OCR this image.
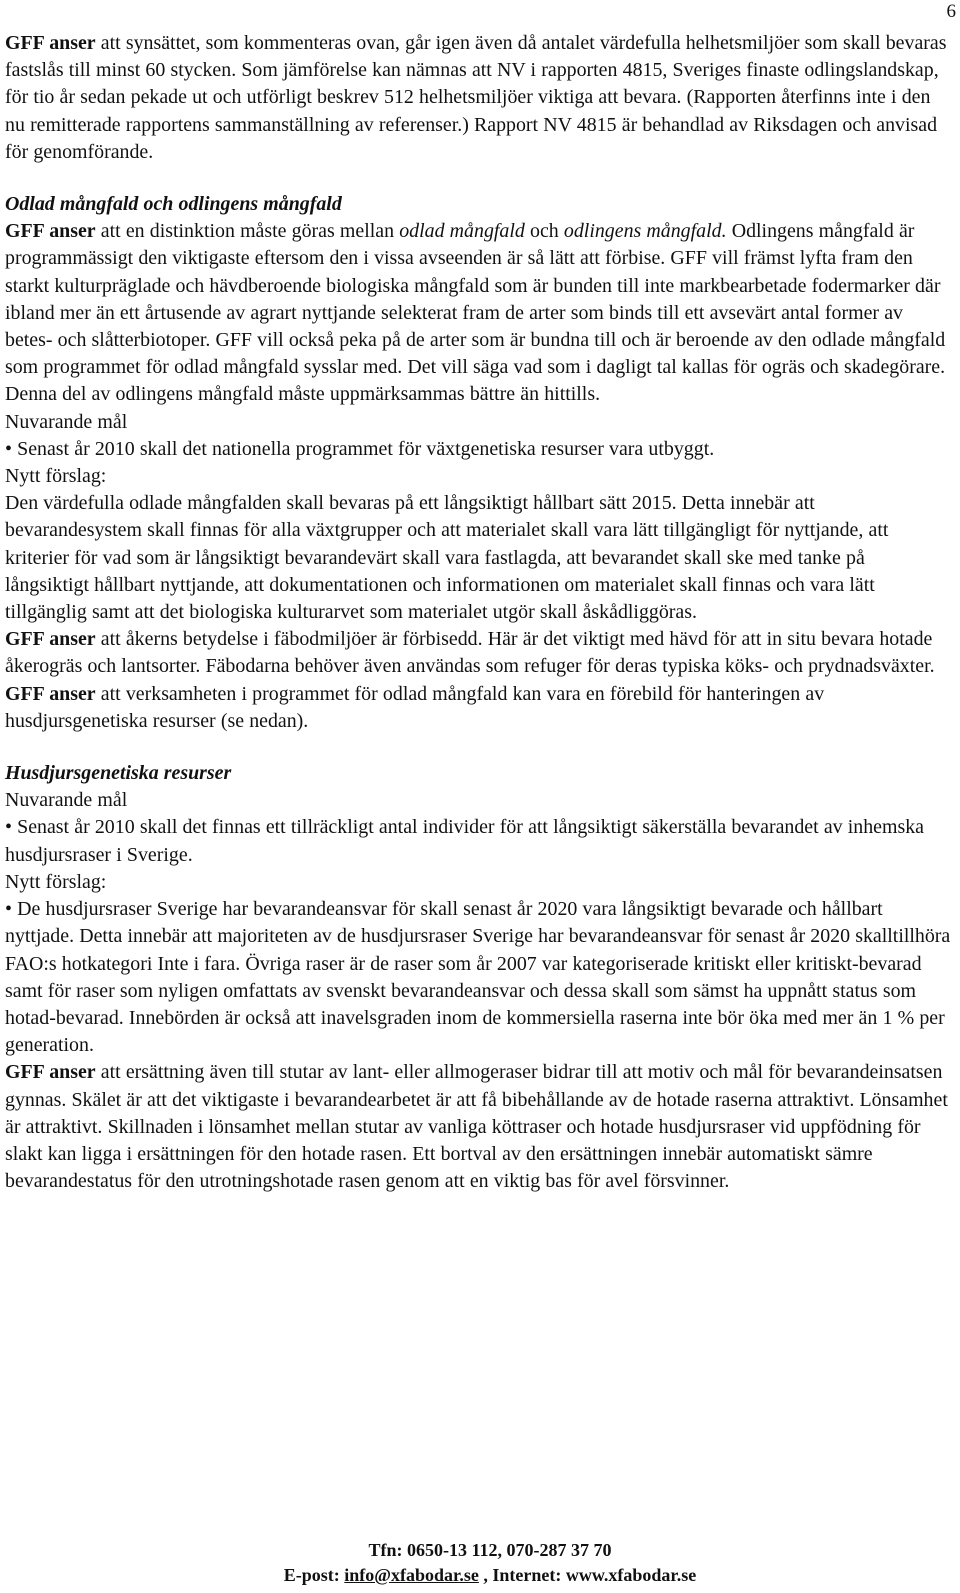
6

GFF anser att synsättet, som kommenteras ovan, går igen även då antalet värdefulla helhetsmiljöer som skall bevaras fastslås till minst 60 stycken. Som jämförelse kan nämnas att NV i rapporten 4815, Sveriges finaste odlingslandskap, för tio år sedan pekade ut och utförligt beskrev 512 helhetsmiljöer viktiga att bevara. (Rapporten återfinns inte i den nu remitterade rapportens sammanställning av referenser.) Rapport NV 4815 är behandlad av Riksdagen och anvisad för genomförande.

Odlad mångfald och odlingens mångfald

GFF anser att en distinktion måste göras mellan odlad mångfald och odlingens mångfald. Odlingens mångfald är programmässigt den viktigaste eftersom den i vissa avseenden är så lätt att förbise. GFF vill främst lyfta fram den starkt kulturpräglade och hävdberoende biologiska mångfald som är bunden till inte markbearbetade fodermarker där ibland mer än ett årtusende av agrart nyttjande selekterat fram de arter som binds till ett avsevärt antal former av betes- och slåtterbiotoper. GFF vill också peka på de arter som är bundna till och är beroende av den odlade mångfald som programmet för odlad mångfald sysslar med. Det vill säga vad som i dagligt tal kallas för ogräs och skadegörare. Denna del av odlingens mångfald måste uppmärksammas bättre än hittills.

Nuvarande mål

• Senast år 2010 skall det nationella programmet för växtgenetiska resurser vara utbyggt.

Nytt förslag:

Den värdefulla odlade mångfalden skall bevaras på ett långsiktigt hållbart sätt 2015. Detta innebär att bevarandesystem skall finnas för alla växtgrupper och att materialet skall vara lätt tillgängligt för nyttjande, att kriterier för vad som är långsiktigt bevarandevärt skall vara fastlagda, att bevarandet skall ske med tanke på långsiktigt hållbart nyttjande, att dokumentationen och informationen om materialet skall finnas och vara lätt tillgänglig samt att det biologiska kulturarvet som materialet utgör skall åskådliggöras.

GFF anser att åkerns betydelse i fäbodmiljöer är förbisedd. Här är det viktigt med hävd för att in situ bevara hotade åkerogräs och lantsorter. Fäbodarna behöver även användas som refuger för deras typiska köks- och prydnadsväxter.

GFF anser att verksamheten i programmet för odlad mångfald kan vara en förebild för hanteringen av husdjursgenetiska resurser (se nedan).

Husdjursgenetiska resurser

Nuvarande mål

• Senast år 2010 skall det finnas ett tillräckligt antal individer för att långsiktigt säkerställa bevarandet av inhemska husdjursraser i Sverige.

Nytt förslag:

• De husdjursraser Sverige har bevarandeansvar för skall senast år 2020 vara långsiktigt bevarade och hållbart nyttjade. Detta innebär att majoriteten av de husdjursraser Sverige har bevarandeansvar för senast år 2020 skalltillhöra FAO:s hotkategori Inte i fara. Övriga raser är de raser som år 2007 var kategoriserade kritiskt eller kritiskt-bevarad samt för raser som nyligen omfattats av svenskt bevarandeansvar och dessa skall som sämst ha uppnått status som hotad-bevarad. Innebörden är också att inavelsgraden inom de kommersiella raserna inte bör öka med mer än 1 % per generation.

GFF anser att ersättning även till stutar av lant- eller allmogeraser bidrar till att motiv och mål för bevarandeinsatsen gynnas. Skälet är att det viktigaste i bevarandearbetet är att få bibehållande av de hotade raserna attraktivt. Lönsamhet är attraktivt. Skillnaden i lönsamhet mellan stutar av vanliga köttraser och hotade husdjursraser vid uppfödning för slakt kan ligga i ersättningen för den hotade rasen. Ett bortval av den ersättningen innebär automatiskt sämre bevarandestatus för den utrotningshotade rasen genom att en viktig bas för avel försvinner.

Tfn: 0650-13 112, 070-287 37 70
E-post: info@xfabodar.se , Internet: www.xfabodar.se
